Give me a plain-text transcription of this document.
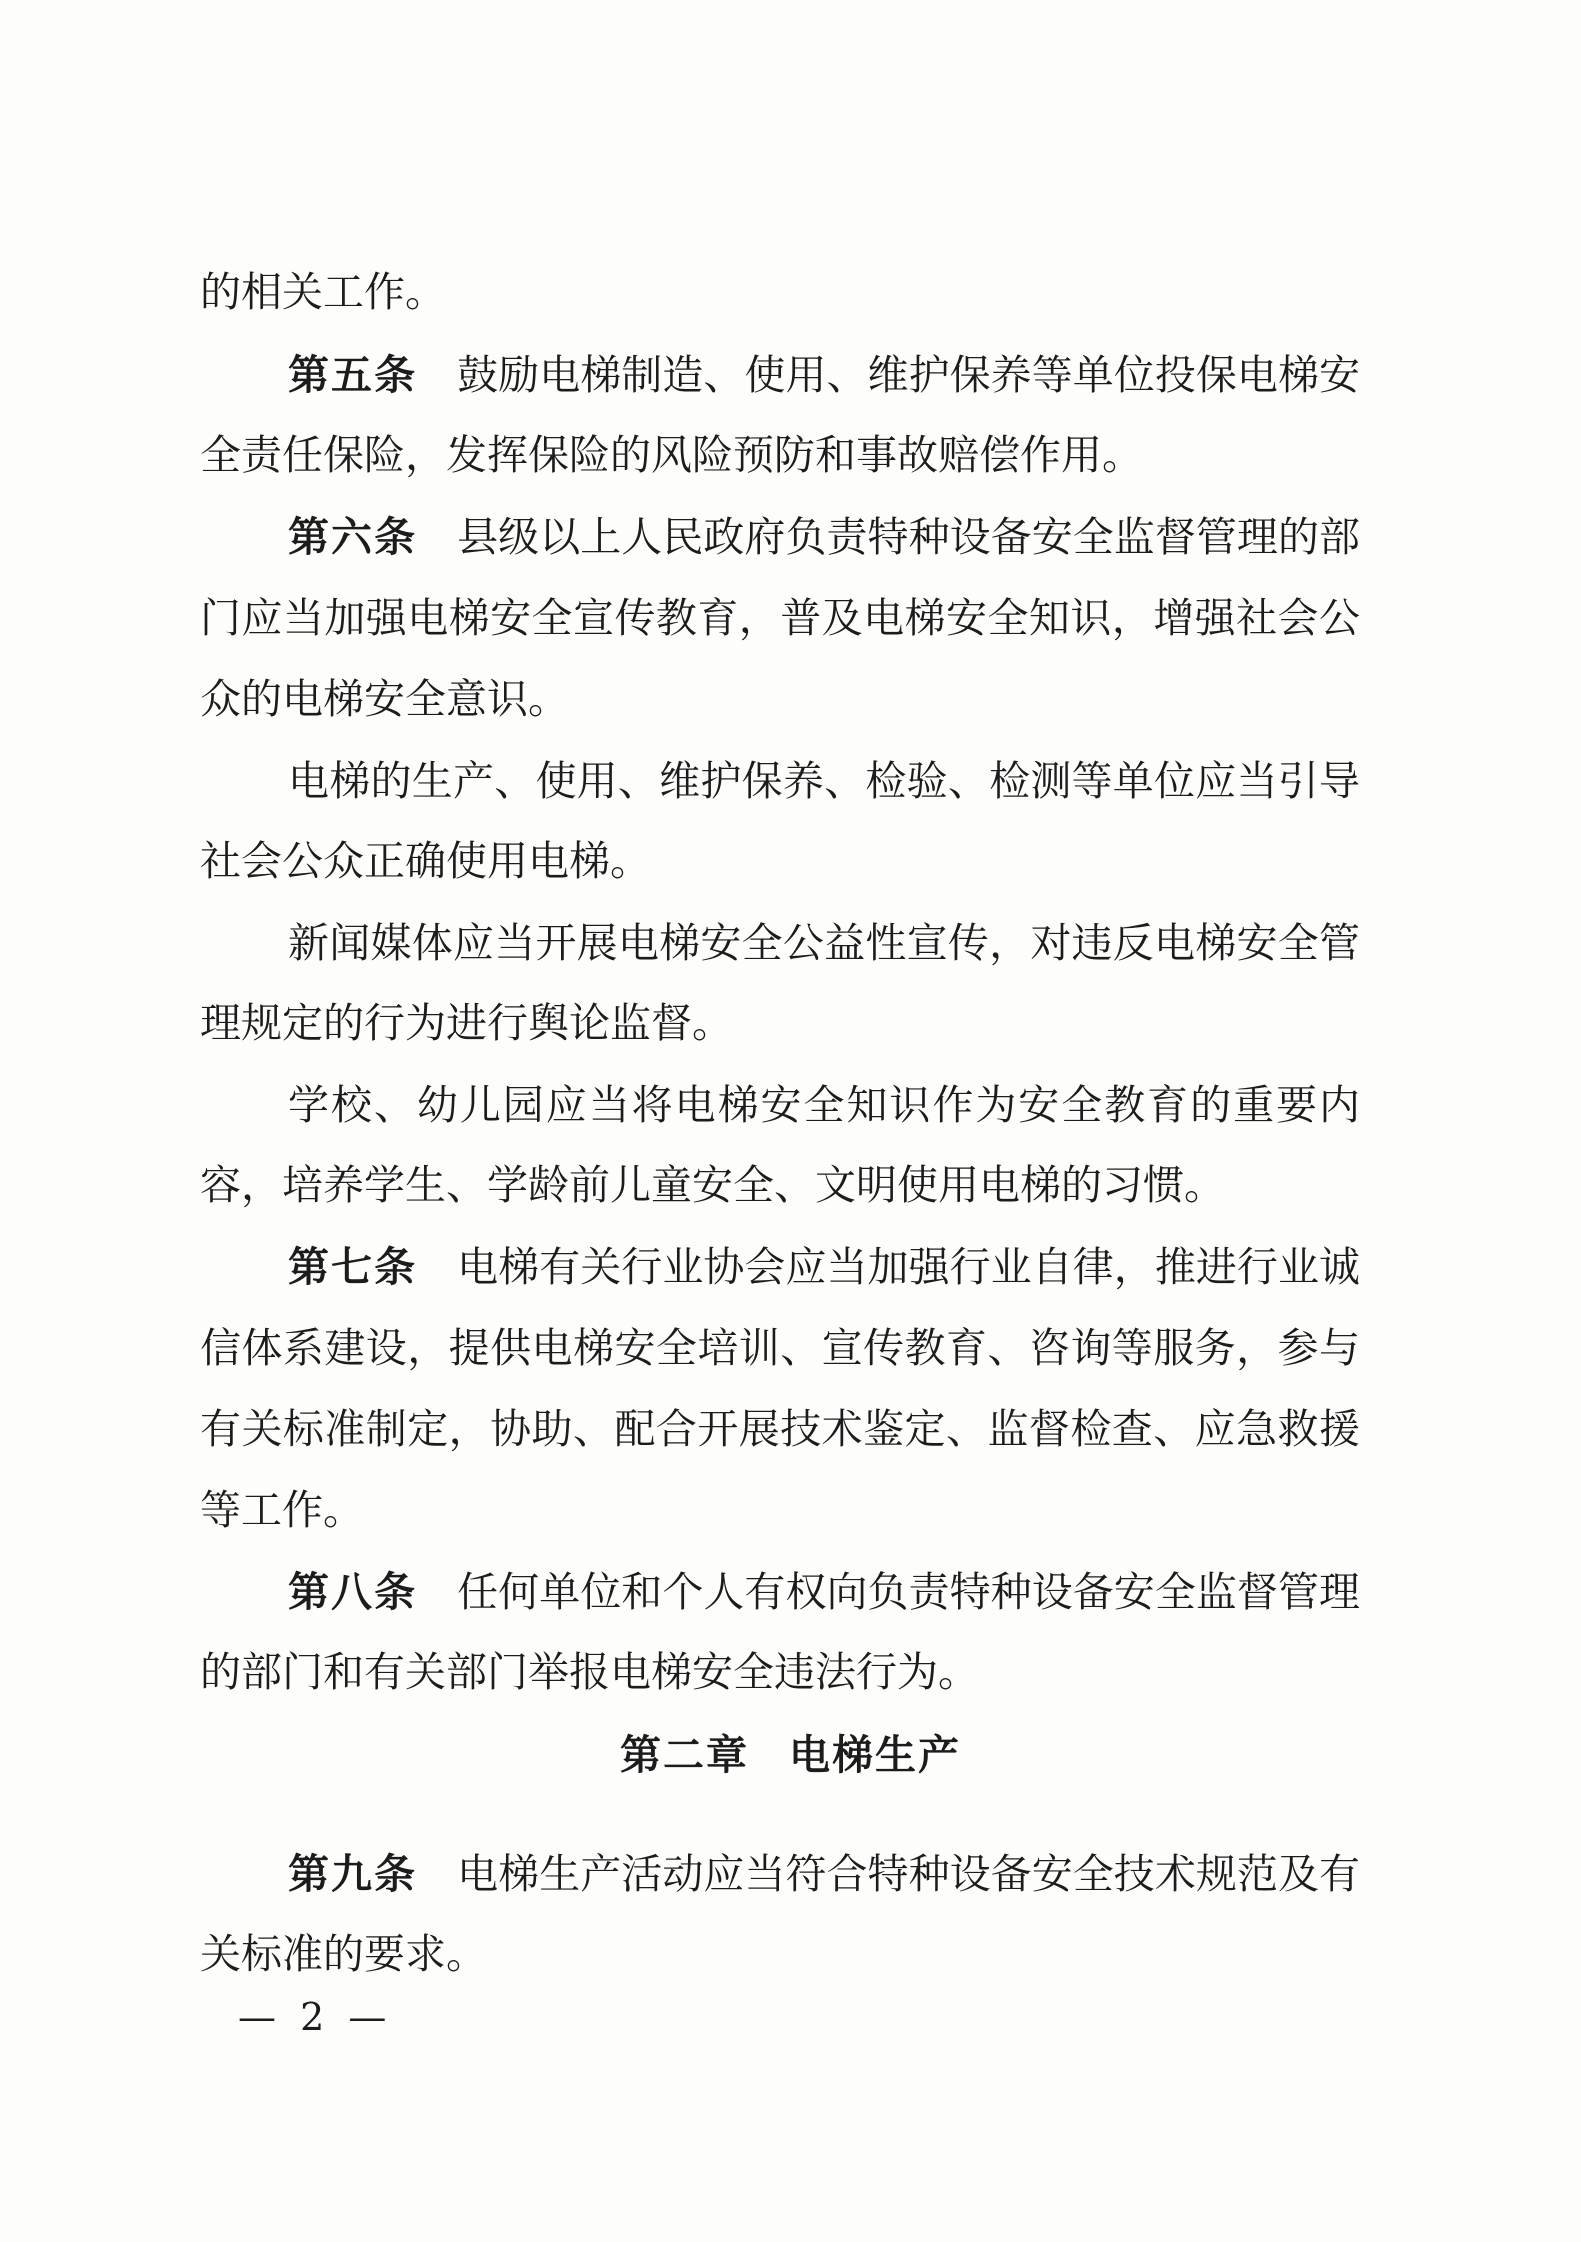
的相关工作。
第五条 鼓励电梯制造、使用、维护保养等单位投保电梯安
全责任保险，发挥保险的风险预防和事故赔偿作用。
第六条 县级以上人民政府负责特种设备安全监督管理的部
门应当加强电梯安全宣传教育，普及电梯安全知识，增强社会公
众的电梯安全意识。
电梯的生产、使用、维护保养、检验、检测等单位应当引导
社会公众正确使用电梯。
新闻媒体应当开展电梯安全公益性宣传，对违反电梯安全管
理规定的行为进行舆论监督。
学校、幼儿园应当将电梯安全知识作为安全教育的重要内
容，培养学生、学龄前儿童安全、文明使用电梯的习惯。
第七条 电梯有关行业协会应当加强行业自律，推进行业诚
信体系建设，提供电梯安全培训、宣传教育、咨询等服务，参与
有关标准制定，协助、配合开展技术鉴定、监督检查、应急救援
等工作。
第八条 任何单位和个人有权向负责特种设备安全监督管理
的部门和有关部门举报电梯安全违法行为。
第二章 电梯生产
第九条 电梯生产活动应当符合特种设备安全技术规范及有
关标准的要求。
— 2 —
